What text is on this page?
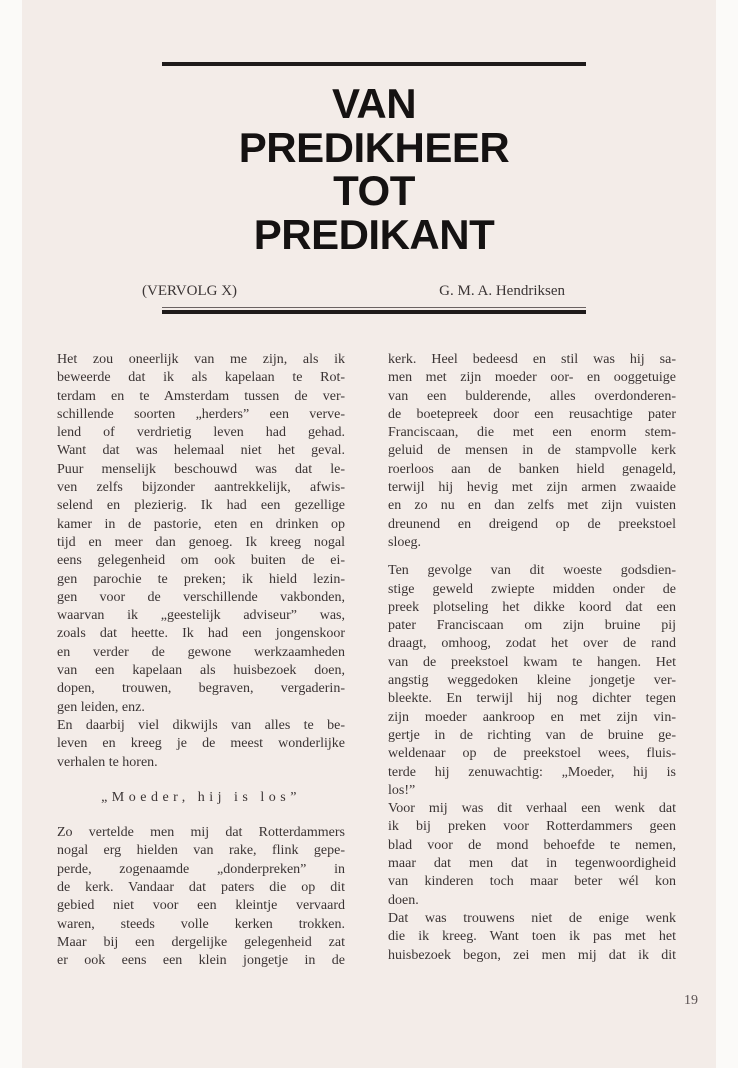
VAN
PREDIKHEER
TOT
PREDIKANT
(VERVOLG X)	G. M. A. Hendriksen
Het zou oneerlijk van me zijn, als ik
beweerde dat ik als kapelaan te Rot-
terdam en te Amsterdam tussen de ver-
schillende soorten „herders” een verve-
lend of verdrietig leven had gehad.
Want dat was helemaal niet het geval.
Puur menselijk beschouwd was dat le-
ven zelfs bijzonder aantrekkelijk, afwis-
selend en plezierig. Ik had een gezellige
kamer in de pastorie, eten en drinken op
tijd en meer dan genoeg. Ik kreeg nogal
eens gelegenheid om ook buiten de ei-
gen parochie te preken; ik hield lezin-
gen voor de verschillende vakbonden,
waarvan ik „geestelijk adviseur” was,
zoals dat heette. Ik had een jongenskoor
en verder de gewone werkzaamheden
van een kapelaan als huisbezoek doen,
dopen, trouwen, begraven, vergaderin-
gen leiden, enz.
En daarbij viel dikwijls van alles te be-
leven en kreeg je de meest wonderlijke
verhalen te horen.
„Moeder, hij is los”
Zo vertelde men mij dat Rotterdammers
nogal erg hielden van rake, flink gepe-
perde, zogenaamde „donderpreken” in
de kerk. Vandaar dat paters die op dit
gebied niet voor een kleintje vervaard
waren, steeds volle kerken trokken.
Maar bij een dergelijke gelegenheid zat
er ook eens een klein jongetje in de
kerk. Heel bedeesd en stil was hij sa-
men met zijn moeder oor- en ooggetuige
van een bulderende, alles overdonderen-
de boetepreek door een reusachtige pater
Franciscaan, die met een enorm stem-
geluid de mensen in de stampvolle kerk
roerloos aan de banken hield genageld,
terwijl hij hevig met zijn armen zwaaide
en zo nu en dan zelfs met zijn vuisten
dreunend en dreigend op de preekstoel
sloeg.
Ten gevolge van dit woeste godsdien-
stige geweld zwiepte midden onder de
preek plotseling het dikke koord dat een
pater Franciscaan om zijn bruine pij
draagt, omhoog, zodat het over de rand
van de preekstoel kwam te hangen. Het
angstig weggedoken kleine jongetje ver-
bleekte. En terwijl hij nog dichter tegen
zijn moeder aankroop en met zijn vin-
gertje in de richting van de bruine ge-
weldenaar op de preekstoel wees, fluis-
terde hij zenuwachtig: „Moeder, hij is
los!”
Voor mij was dit verhaal een wenk dat
ik bij preken voor Rotterdammers geen
blad voor de mond behoefde te nemen,
maar dat men dat in tegenwoordigheid
van kinderen toch maar beter wél kon
doen.
Dat was trouwens niet de enige wenk
die ik kreeg. Want toen ik pas met het
huisbezoek begon, zei men mij dat ik dit
19
